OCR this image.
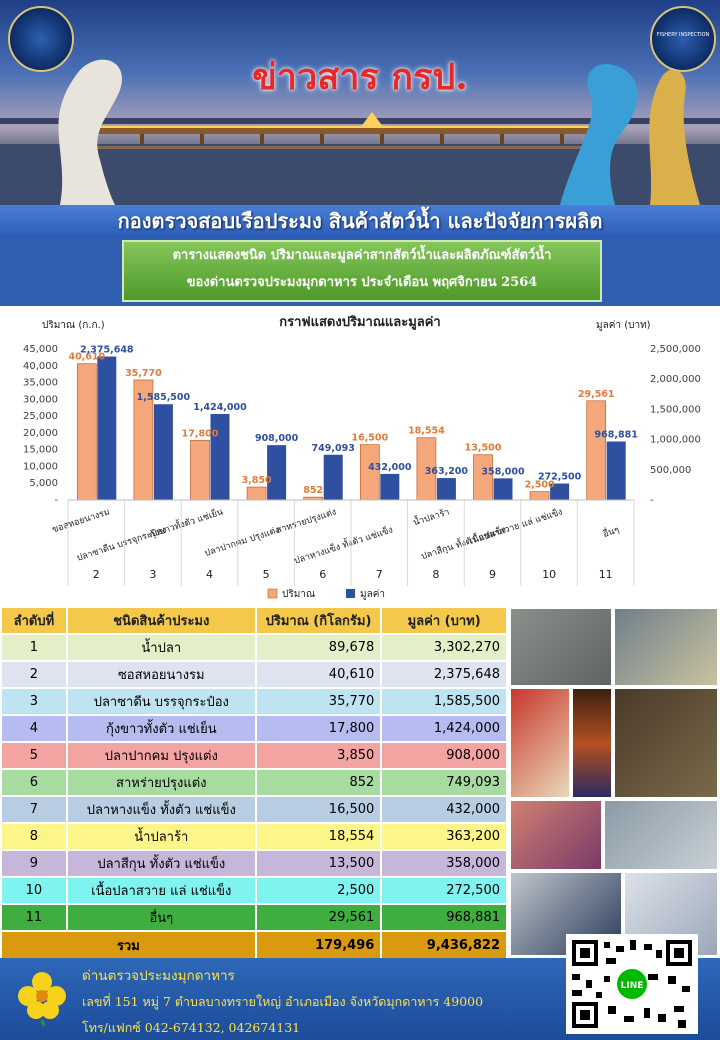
FISHERY INSPECTION
ข่าวสาร กรป.
กองตรวจสอบเรือประมง สินค้าสัตว์น้ำ และปัจจัยการผลิต
ตารางแสดงชนิด ปริมาณและมูลค่าสากสัตว์น้ำและผลิตภัณฑ์สัตว์น้ำ
ของด่านตรวจประมงมุกดาหาร ประจำเดือน พฤศจิกายน 2564
กราฟแสดงปริมาณและมูลค่า
ปริมาณ (ก.ก.)	มูลค่า (บาท)
45,000
40,000
35,000
30,000
25,000
20,000
15,000
10,000
5,000
-
2,500,000
2,000,000
1,500,000
1,000,000
500,000
-
40,610
2,375,648
35,770
1,585,500
17,800
1,424,000
3,850
908,000
852
749,093
16,500
432,000
18,554
363,200
13,500
358,000
2,500
272,500
29,561
968,881
2
ขอสหอยนางรม
3
ปลาซาดีน บรรจุกระป๋อง
4
กุ้งขาวทั้งตัว แช่เย็น
5
ปลาปากคม ปรุงแต่ง
6
สาหร่ายปรุงแต่ง
7
ปลาหางแข็ง ทั้งตัว แช่แข็ง
8
น้ำปลาร้า
9
ปลาสีกุน ทั้งตัว แช่แข็ง
10
เนื้อปลาสวาย แล่ แช่แข็ง
11
อื่นๆ
ปริมาณ	มูลค่า
ลำดับที่	ชนิดสินค้าประมง	ปริมาณ (กิโลกรัม)	มูลค่า (บาท)
1	น้ำปลา	89,678	3,302,270
2	ซอสหอยนางรม	40,610	2,375,648
3	ปลาซาดีน บรรจุกระป๋อง	35,770	1,585,500
4	กุ้งขาวทั้งตัว แช่เย็น	17,800	1,424,000
5	ปลาปากคม ปรุงแต่ง	3,850	908,000
6	สาหร่ายปรุงแต่ง	852	749,093
7	ปลาหางแข็ง ทั้งตัว แช่แข็ง	16,500	432,000
8	น้ำปลาร้า	18,554	363,200
9	ปลาสีกุน ทั้งตัว แช่แข็ง	13,500	358,000
10	เนื้อปลาสวาย แล่ แช่แข็ง	2,500	272,500
11	อื่นๆ	29,561	968,881
รวม		179,496	9,436,822
ด่านตรวจประมงมุกดาหาร
เลขที่ 151 หมู่ 7 ตำบลบางทรายใหญ่ อำเภอเมือง จังหวัดมุกดาหาร 49000
โทร/แฟกซ์ 042-674132, 042674131
LINE
